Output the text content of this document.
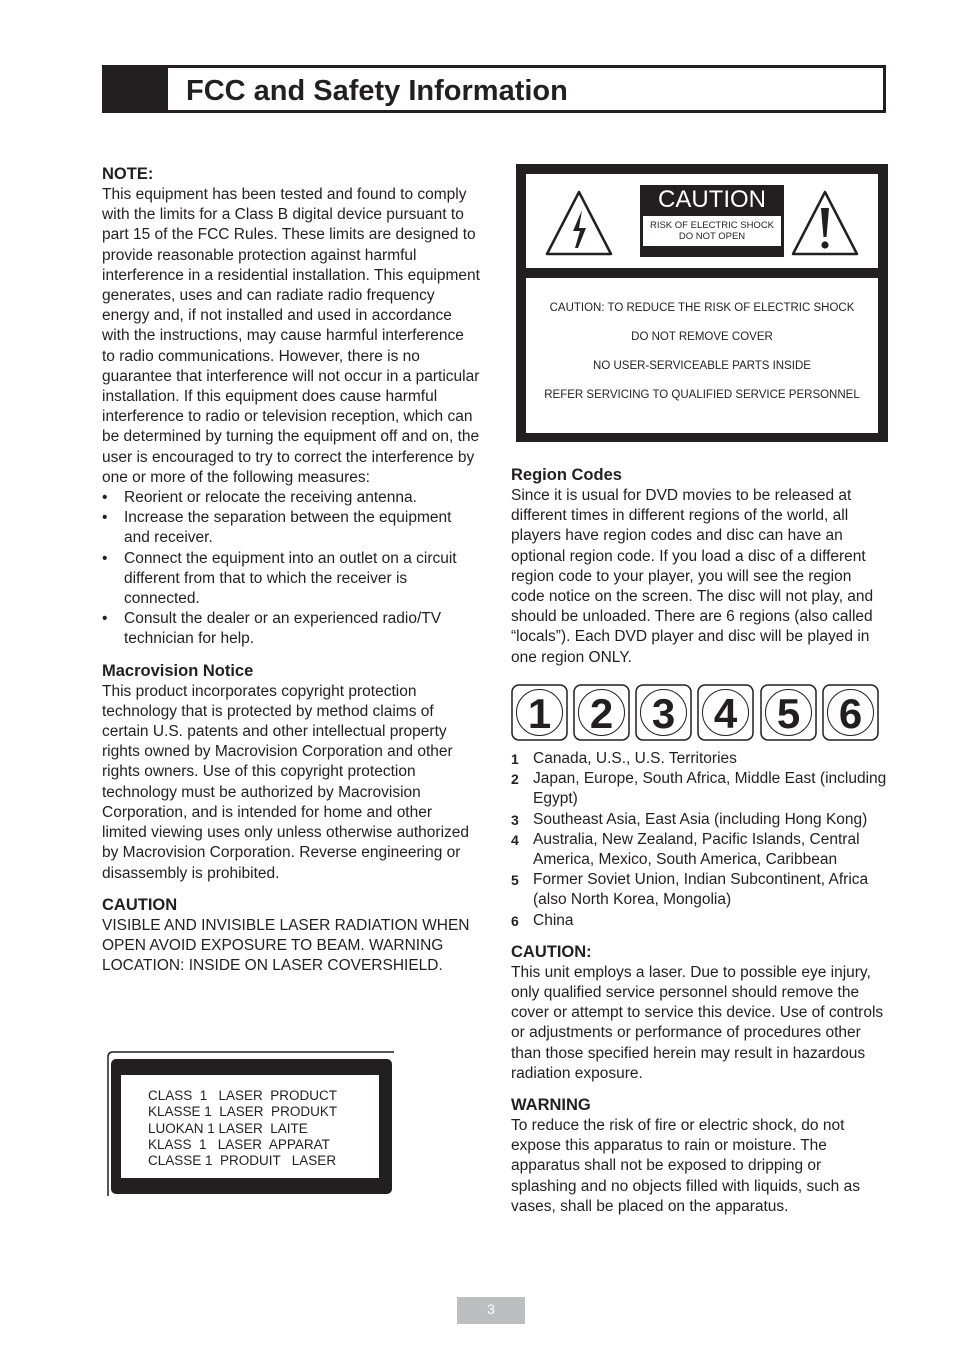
FCC and Safety Information

NOTE:

This equipment has been tested and found to comply with the limits for a Class B digital device pursuant to part 15 of the FCC Rules. These limits are designed to provide reasonable protection against harmful interference in a residential installation. This equipment generates, uses and can radiate radio frequency energy and, if not installed and used in accordance with the instructions, may cause harmful interference to radio communications. However, there is no guarantee that interference will not occur in a particular installation. If this equipment does cause harmful interference to radio or television reception, which can be determined by turning the equipment off and on, the user is encouraged to try to correct the interference by one or more of the following measures:

• Reorient or relocate the receiving antenna.
• Increase the separation between the equipment and receiver.
• Connect the equipment into an outlet on a circuit different from that to which the receiver is connected.
• Consult the dealer or an experienced radio/TV technician for help.

Macrovision Notice

This product incorporates copyright protection technology that is protected by method claims of certain U.S. patents and other intellectual property rights owned by Macrovision Corporation and other rights owners. Use of this copyright protection technology must be authorized by Macrovision Corporation, and is intended for home and other limited viewing uses only unless otherwise authorized by Macrovision Corporation. Reverse engineering or disassembly is prohibited.

CAUTION

VISIBLE AND INVISIBLE LASER RADIATION WHEN OPEN AVOID EXPOSURE TO BEAM. WARNING LOCATION: INSIDE ON LASER COVERSHIELD.

CLASS  1   LASER  PRODUCT
KLASSE 1  LASER  PRODUKT
LUOKAN 1 LASER  LAITE
KLASS  1   LASER  APPARAT
CLASSE 1  PRODUIT   LASER
CAUTION
RISK OF ELECTRIC SHOCK
DO NOT OPEN
CAUTION: TO REDUCE THE RISK OF ELECTRIC SHOCK
DO NOT REMOVE COVER
NO USER-SERVICEABLE PARTS INSIDE
REFER SERVICING TO QUALIFIED SERVICE PERSONNEL

Region Codes

Since it is usual for DVD movies to be released at different times in different regions of the world, all players have region codes and disc can have an optional region code. If you load a disc of a different region code to your player, you will see the region code notice on the screen. The disc will not play, and should be unloaded. There are 6 regions (also called “locals”). Each DVD player and disc will be played in one region ONLY.

1 2 3 4 5 6
1 Canada, U.S., U.S. Territories
2 Japan, Europe, South Africa, Middle East (including Egypt)
3 Southeast Asia, East Asia (including Hong Kong)
4 Australia, New Zealand, Pacific Islands, Central America, Mexico, South America, Caribbean
5 Former Soviet Union, Indian Subcontinent, Africa (also North Korea, Mongolia)
6 China

CAUTION:

This unit employs a laser. Due to possible eye injury, only qualified service personnel should remove the cover or attempt to service this device. Use of controls or adjustments or performance of procedures other than those specified herein may result in hazardous radiation exposure.

WARNING

To reduce the risk of fire or electric shock, do not expose this apparatus to rain or moisture. The apparatus shall not be exposed to dripping or splashing and no objects filled with liquids, such as vases, shall be placed on the apparatus.

3
